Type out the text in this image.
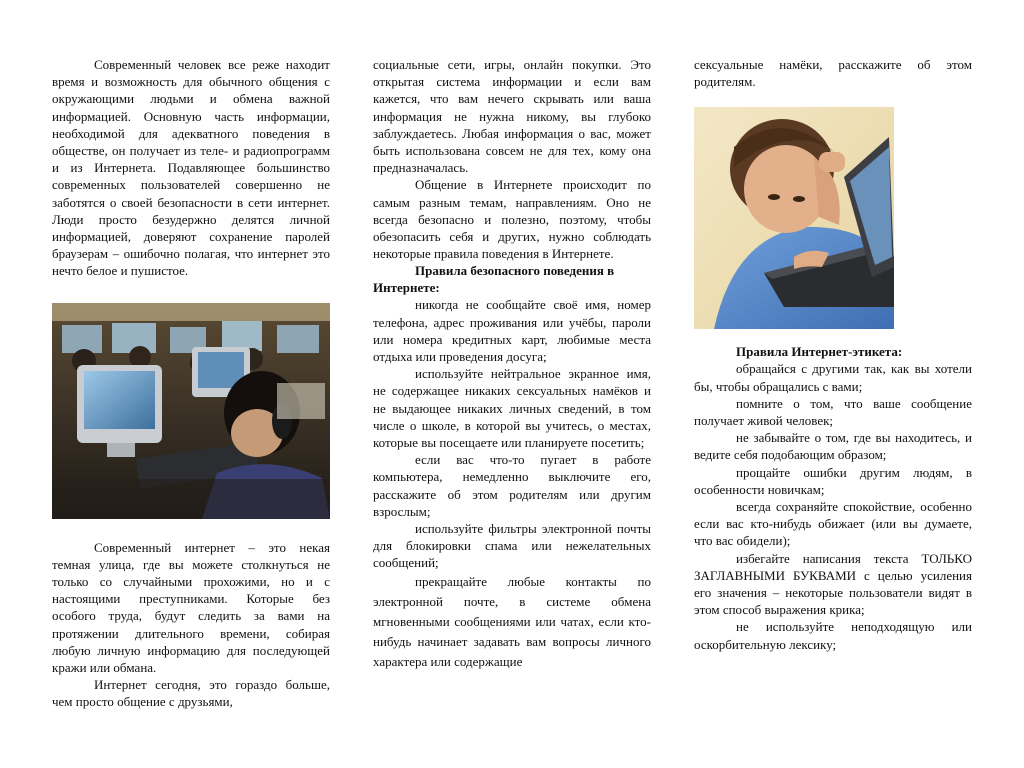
Современный человек все реже находит время и возможность для обычного общения с окружающими людьми и обмена важной информацией. Основную часть информации, необходимой для адекватного поведения в обществе, он получает из теле- и радиопрограмм и из Интернета. Подавляющее большинство современных пользователей совершенно не заботятся о своей безопасности в сети интернет. Люди просто безудержно делятся личной информацией, доверяют сохранение паролей браузерам – ошибочно полагая, что интернет это нечто белое и пушистое.

Современный интернет – это некая темная улица, где вы можете столкнуться не только со случайными прохожими, но и с настоящими преступниками. Которые без особого труда, будут следить за вами на протяжении длительного времени, собирая любую личную информацию для последующей кражи или обмана.

Интернет сегодня, это гораздо больше, чем просто общение с друзьями,

социальные сети, игры, онлайн покупки. Это открытая система информации и если вам кажется, что вам нечего скрывать или ваша информация не нужна никому, вы глубоко заблуждаетесь. Любая информация о вас, может быть использована совсем не для тех, кому она предназначалась.

Общение в Интернете происходит по самым разным темам, направлениям. Оно не всегда безопасно и полезно, поэтому, чтобы обезопасить себя и других, нужно соблюдать некоторые правила поведения в Интернете.

Правила безопасного поведения в Интернете:

никогда не сообщайте своё имя, номер телефона, адрес проживания или учёбы, пароли или номера кредитных карт, любимые места отдыха или проведения досуга;

используйте нейтральное экранное имя, не содержащее никаких сексуальных намёков и не выдающее никаких личных сведений, в том числе о школе, в которой вы учитесь, о местах, которые вы посещаете или планируете посетить;

если вас что-то пугает в работе компьютера, немедленно выключите его, расскажите об этом родителям или другим взрослым;

используйте фильтры электронной почты для блокировки спама или нежелательных сообщений;

прекращайте любые контакты по электронной почте, в системе обмена мгновенными сообщениями или чатах, если кто-нибудь начинает задавать вам вопросы личного характера или содержащие

сексуальные намёки, расскажите об этом родителям.

Правила Интернет-этикета:

обращайся с другими так, как вы хотели бы, чтобы обращались с вами;

помните о том, что ваше сообщение получает живой человек;

не забывайте о том, где вы находитесь, и ведите себя подобающим образом;

прощайте ошибки другим людям, в особенности новичкам;

всегда сохраняйте спокойствие, особенно если вас кто-нибудь обижает (или вы думаете, что вас обидели);

избегайте написания текста ТОЛЬКО ЗАГЛАВНЫМИ БУКВАМИ с целью усиления его значения – некоторые пользователи видят в этом способ выражения крика;

не используйте неподходящую или оскорбительную лексику;
